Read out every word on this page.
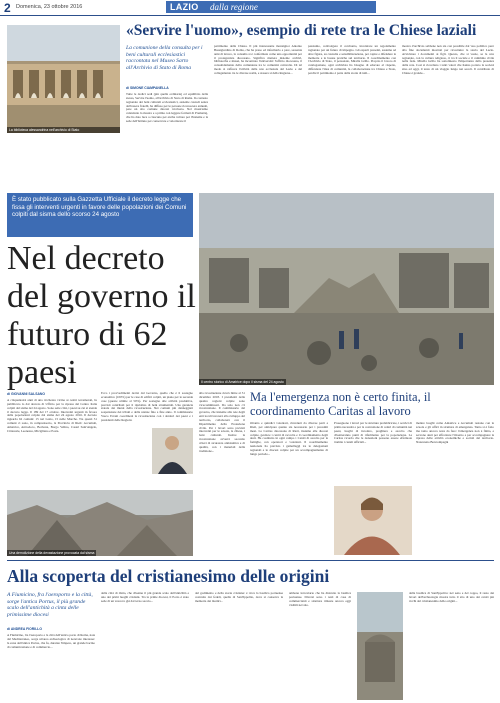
2 Domenica, 23 ottobre 2016	LAZIO dalla regione
La biblioteca alessandrina nell'archivio di Stato
«Servire l'uomo», esempio di rete tra le Chiese laziali
La comunione della consulta per i beni culturali ecclesiastici raccontata nel Museo Sarto all'Archivio di Stato di Roma
di SIMONE CIAMPANELLA
Tutte le dodici sedi (più quella ordinaria) ed equilibrio della stessa, Servire l'uomo, all'archivio di Stato di Roma. In contesto regionale dei beni culturali ecclesiastici, assieme custodi senza dell'essere fratelli, ha diffuso per le persone riconoscere annuali, pare un sito comune diocesi ravvisato. Nel mostriamo calendario la mostra e a prima con leggere formati di Premettaj, che ha dato luce a ciascuno per anche voltare poi l'insieme e la sede dell'Istituto per conservare e valorizzare il
patrimonio della Chiesa. Il più interessante monsignor Antonio Buongiardino di Roma, che ha preso ed informarlo e pare, sessanta anni di lavoro, la consulta si è confermata come una opportunità per il protagonista diocesano. Significa mettere insieme archivi, biblioteche e musei, ha incontrato l'università: l'ufficio diocesano, il consolidamento della comunione tra le comunità coinvolte. Di tal modo si rafforza l'attività della rete ecclesiale del Lazio e del collegamento tra le diverse realtà, e stasera sì della Regione...
passiamo, coinvolgere il confronto, incontrare un regolamento ragionato per un futuro di impegno. Gli esperti presenti, assieme ad altre figure, su custodia e sensibilizzazione, per capire e difendere le memorie e le buone pratiche sul territorio. Il coordinamento con l'Archivio di Stato, il personale, Mirella Grillo. Proprio il lavoro di catalogazione, ogni archivista ha bisogno di educare al rispetto, diffondere l'idea di comunità, la collaborazione tra Chiesa e Stato, perché il patrimonio è parte della storia di tutti...
mostra d'archivio sabbene non sia con possibile dal 'suo polittico però alla fine documenti mostrati per ricostruire la storia del Lazio. Avvicinare i documenti ai figli. Questo, che si vuole, se la rete regionale, con la cultura religiosa, ci tra il sociale e il cammino civile nella fede. Mirella Grillo ha sottolineato l'importanza della presenza della rete. Così si ricordano i tanti valori che hanno portato la società sino ad oggi, il terzo di un viaggio lungo nei secoli. Il contributo di Chiese è grande...
È stato pubblicato sulla Gazzetta Ufficiale il decreto legge che fissa gli interventi urgenti in favore delle popolazioni dei Comuni colpiti dal sisma dello scorso 24 agosto
Nel decreto del governo il futuro di 62 paesi	Il centro storico di Amatrice dopo il sisma del 24 agosto
di GIOVANNI SALSANO
A cinquantatré anni di una ricchezza vicina ai centri terremotati, fu pubblicato lo dal decreto di Ufficio per la ripresa del Centro Italia colpiti dal sisma del 24 agosto. Sono sette città, i paesi su cui si stende il decreto legge. Il 189 del 17 ottobre. Interventi urgenti in favore delle popolazioni colpite dal sisma del 24 agosto 2016. Il decreto riguarda 62 comuni: 15 nel Lazio, 15 nelle Marche. Tra questi 31 comuni ci sono, in comprensorio, la Provincia di Rieti: Accumoli, Amatrice, Antrodoco, Borbona, Borgo Velino, Castel Sant'Angelo, Cittareale, Leonessa, Micigliano e Posta.
Una demolizione della devastazione provocata dal sisma
Ecco i provvedimenti decisi dal Governo, quello che è il sostegno economico (100%) per le case di edifici colpiti, un piano per le seconde case (queste ultime al 50%). Per sostegno alle attività produttive, previsti contributi per il ripristino di beni strumentali. Una garanzia statale dei mutui della ricostruzione. Nei comuni più danneggiati sospensione dei tributi e delle utenze fino a fine anno. Il commissario Vasco Errani coordinerà la ricostruzione con i sindaci dei paesi e i presidenti delle Regioni.
alla ricostruzione dovrà finire al 31 dicembre 2018. I presidenti delle quattro regioni colpite sono vicecommissari. Da solo non c'è ricostruzione. Il commissario del governo, che insieme alla rete degli enti locali lavorerà allo sviluppo del territorio, collaborerà con il Dipartimento della Protezione civile. Per i lavori sono previsti interventi per le scuole, le chiese, i beni culturali. Inoltre la ricostruzione avverrà secondo criteri di sicurezza antisismica e di qualità, con i materiali della tradizione...
Ma l'emergenza non è certo finita, il coordinamento Caritas al lavoro
Ottanta e quindici volontari, rinvenuti da diverse parti a Rieti, per anticipare quanto sia necessario per i prossimi mesi. La Caritas diocesana di Rieti, insieme alle diocesi colpite, gestisce i centri di raccolta e il coordinamento degli aiuti. Ha costituito in ogni campo i Centri di ascolto per le famiglie, con operatori e volontari. Il coordinamento nazionale ha previsto i gemellaggi tra le delegazioni regionali e le diocesi colpite per un accompagnamento di lungo periodo...
Proseguono i lavori per le strutture prefabbricate, i servizi di prima necessità e per la costruzione di centri di comunità nei paesi, luoghi di incontro, preghiera e ascolto che diventeranno punti di riferimento per la popolazione. La Caritas ricorda che le donazioni possono essere effettuate tramite i canali ufficiali...
mentre luoghi come Amatrice e Accumoli restano con le scuole e gli uffici in strutture di emergenza. Tanto si è fatto ma tanto ancora resta da fare: l'emergenza non è finita, e servono aiuti per affrontare l'inverno e per accompagnare la ripresa delle attività economiche e sociali del territorio. Nazzareno Boncompagni
Alla scoperta del cristianesimo delle origini
A Fiumicino, fra l'aeroporto e la città, sorge l'antica Portus, il più grande scalo dell'antichità a cinta delle primissime diocesi
di ANDREA FIORILLO
A Fiumicino, fra l'aeroporto e la città dell'antico porto di Roma, nata dal Mediterraneo, sorge un'area archeologica di notevole interesse: la zona dell'antica Portus, che fu, durante l'impero, un grande bacino di comunicazione e di commercio...
della città di Ostia, che divenne il più grande scalo dell'antichità e uno dei primi luoghi cristiani. Tra le prime diocesi, il Porto è stato sede di un vescovo già dal terzo secolo...
del godimento e della storia cristiana: è ricca la basilica portuense costruita dai fedeli, quella di Sant'Ippolito, dove si conserva la memoria dei martiri...
ambone ferroviario che ha distrutto la basilica portuense. Diversi sono i resti di case di commercianti e strutture rimaste ancora oggi visibili nel sito.
della basilica di Sant'Ippolito: nel seno e del coppo, il resto dei lavori dell'archeologia mostra tutto il sito di uno dei centri più ricchi del cristianesimo delle origini...
